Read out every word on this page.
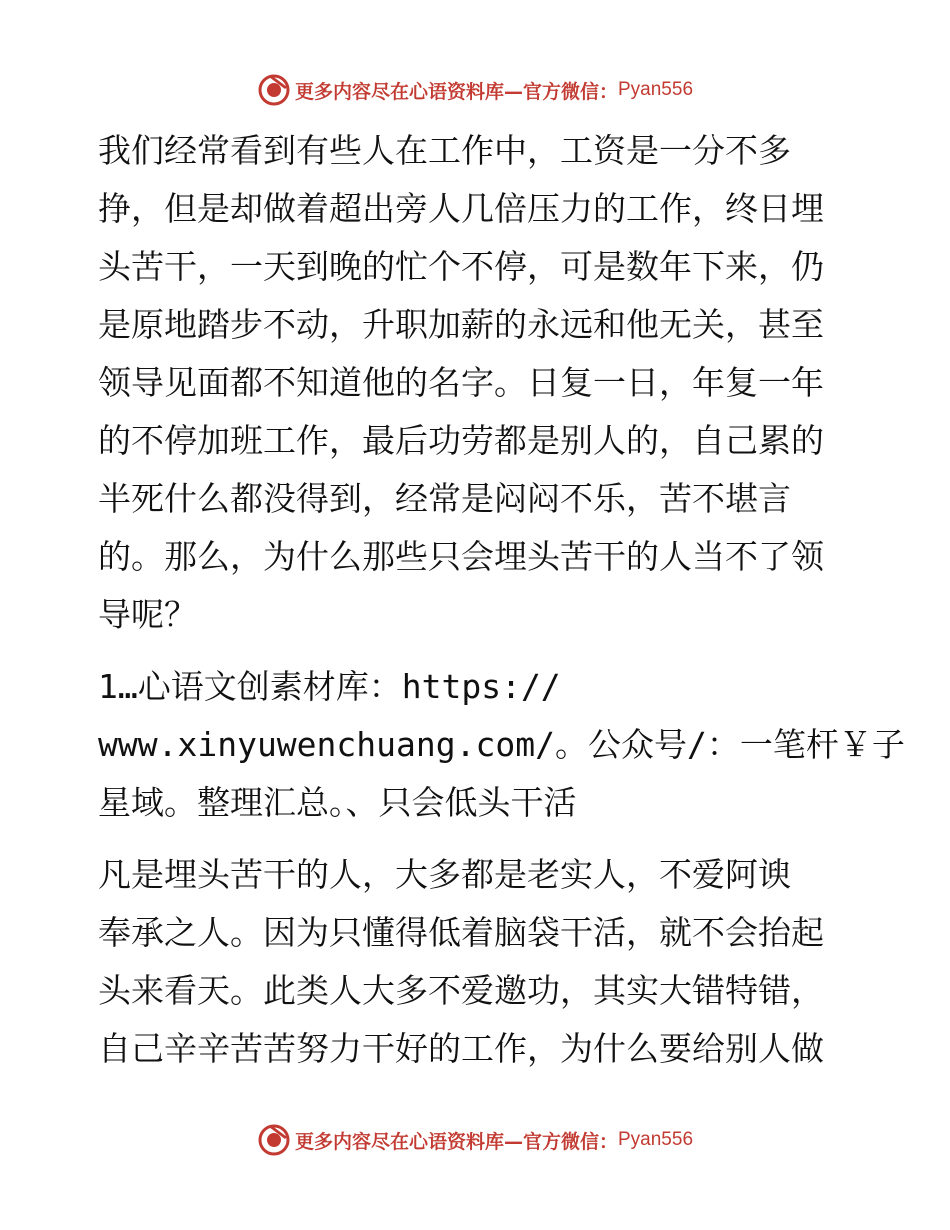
更多内容尽在心语资料库—官方微信： Pyan556

我们经常看到有些人在工作中，工资是一分不多
挣，但是却做着超出旁人几倍压力的工作，终日埋
头苦干，一天到晚的忙个不停，可是数年下来，仍
是原地踏步不动，升职加薪的永远和他无关，甚至
领导见面都不知道他的名字。日复一日，年复一年
的不停加班工作，最后功劳都是别人的，自己累的
半死什么都没得到，经常是闷闷不乐，苦不堪言
的。那么，为什么那些只会埋头苦干的人当不了领
导呢？

1…心语文创素材库：https://
www.xinyuwenchuang.com/。公众号/：一笔杆￥子
星域。整理汇总。、只会低头干活

凡是埋头苦干的人，大多都是老实人，不爱阿谀
奉承之人。因为只懂得低着脑袋干活，就不会抬起
头来看天。此类人大多不爱邀功，其实大错特错，
自己辛辛苦苦努力干好的工作，为什么要给别人做

更多内容尽在心语资料库—官方微信： Pyan556
